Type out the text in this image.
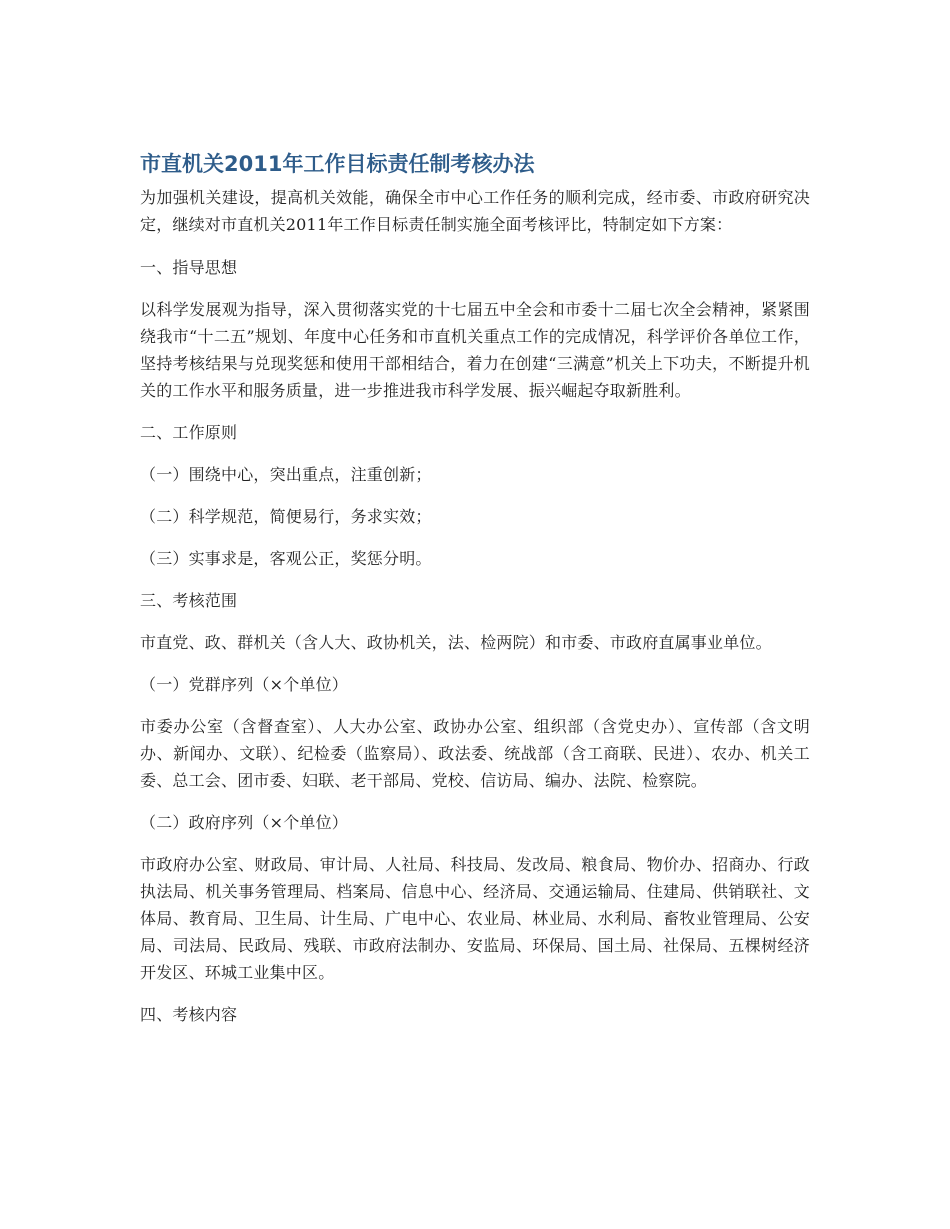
市直机关2011年工作目标责任制考核办法

为加强机关建设，提高机关效能，确保全市中心工作任务的顺利完成，经市委、市政府研究决定，继续对市直机关2011年工作目标责任制实施全面考核评比，特制定如下方案：

一、指导思想

以科学发展观为指导，深入贯彻落实党的十七届五中全会和市委十二届七次全会精神，紧紧围绕我市“十二五”规划、年度中心任务和市直机关重点工作的完成情况，科学评价各单位工作，坚持考核结果与兑现奖惩和使用干部相结合，着力在创建“三满意”机关上下功夫，不断提升机关的工作水平和服务质量，进一步推进我市科学发展、振兴崛起夺取新胜利。

二、工作原则

（一）围绕中心，突出重点，注重创新；

（二）科学规范，简便易行，务求实效；

（三）实事求是，客观公正，奖惩分明。

三、考核范围

市直党、政、群机关（含人大、政协机关，法、检两院）和市委、市政府直属事业单位。

（一）党群序列（×个单位）

市委办公室（含督查室）、人大办公室、政协办公室、组织部（含党史办）、宣传部（含文明办、新闻办、文联）、纪检委（监察局）、政法委、统战部（含工商联、民进）、农办、机关工委、总工会、团市委、妇联、老干部局、党校、信访局、编办、法院、检察院。

（二）政府序列（×个单位）

市政府办公室、财政局、审计局、人社局、科技局、发改局、粮食局、物价办、招商办、行政执法局、机关事务管理局、档案局、信息中心、经济局、交通运输局、住建局、供销联社、文体局、教育局、卫生局、计生局、广电中心、农业局、林业局、水利局、畜牧业管理局、公安局、司法局、民政局、残联、市政府法制办、安监局、环保局、国土局、社保局、五棵树经济开发区、环城工业集中区。

四、考核内容
